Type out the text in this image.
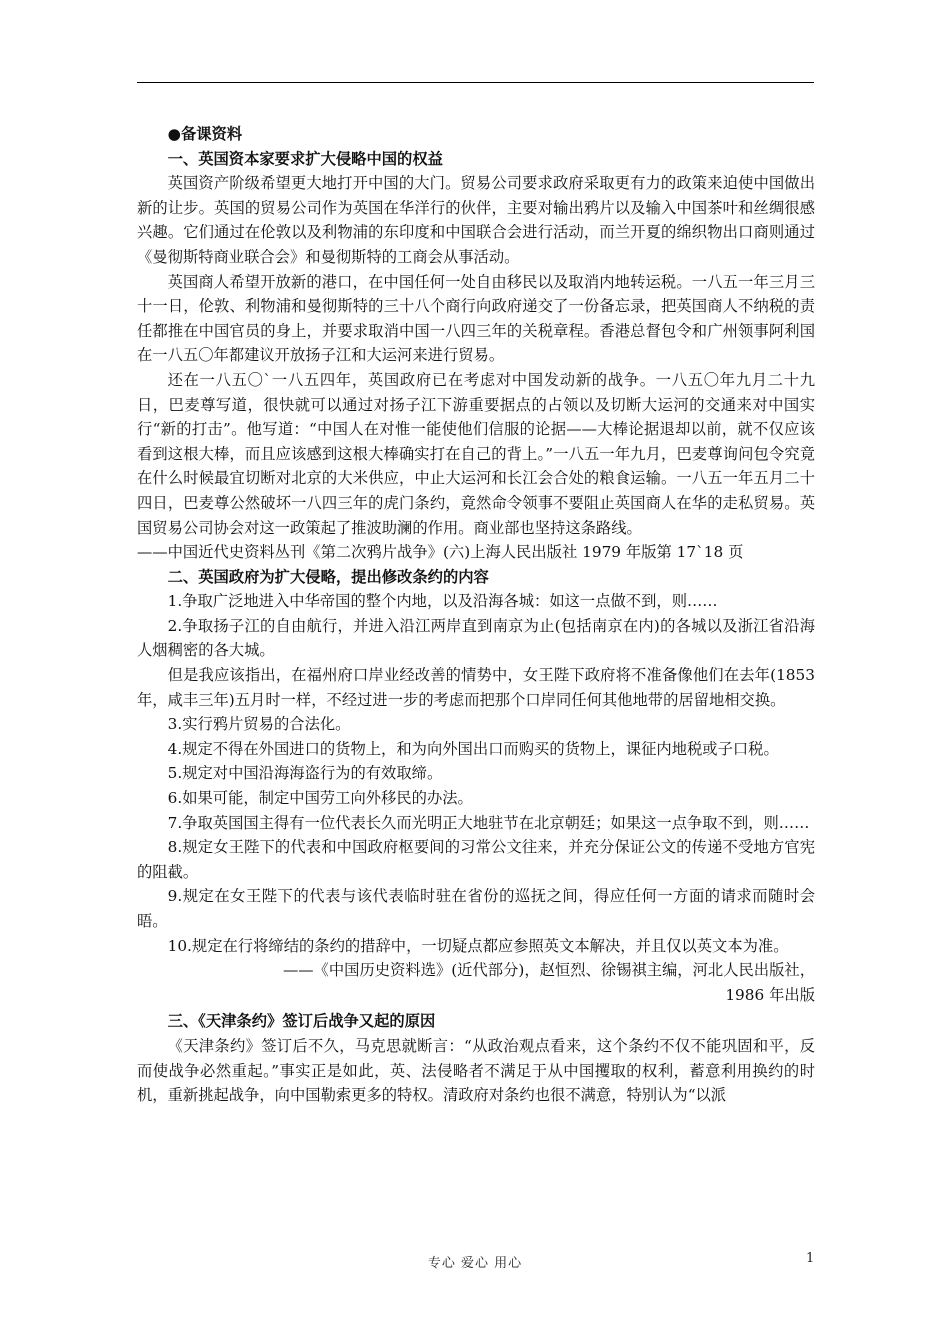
●备课资料

一、英国资本家要求扩大侵略中国的权益

英国资产阶级希望更大地打开中国的大门。贸易公司要求政府采取更有力的政策来迫使中国做出新的让步。英国的贸易公司作为英国在华洋行的伙伴，主要对输出鸦片以及输入中国茶叶和丝绸很感兴趣。它们通过在伦敦以及利物浦的东印度和中国联合会进行活动，而兰开夏的绵织物出口商则通过《曼彻斯特商业联合会》和曼彻斯特的工商会从事活动。

英国商人希望开放新的港口，在中国任何一处自由移民以及取消内地转运税。一八五一年三月三十一日，伦敦、利物浦和曼彻斯特的三十八个商行向政府递交了一份备忘录，把英国商人不纳税的责任都推在中国官员的身上，并要求取消中国一八四三年的关税章程。香港总督包令和广州领事阿利国在一八五〇年都建议开放扬子江和大运河来进行贸易。

还在一八五〇`一八五四年，英国政府已在考虑对中国发动新的战争。一八五〇年九月二十九日，巴麦尊写道，很快就可以通过对扬子江下游重要据点的占领以及切断大运河的交通来对中国实行“新的打击”。他写道：“中国人在对惟一能使他们信服的论据——大棒论据退却以前，就不仅应该看到这根大棒，而且应该感到这根大棒确实打在自己的背上。”一八五一年九月，巴麦尊询问包令究竟在什么时候最宜切断对北京的大米供应，中止大运河和长江会合处的粮食运输。一八五一年五月二十四日，巴麦尊公然破坏一八四三年的虎门条约，竟然命令领事不要阻止英国商人在华的走私贸易。英国贸易公司协会对这一政策起了推波助澜的作用。商业部也坚持这条路线。

——中国近代史资料丛刊《第二次鸦片战争》(六)上海人民出版社 1979 年版第 17`18 页

二、英国政府为扩大侵略，提出修改条约的内容

1.争取广泛地进入中华帝国的整个内地，以及沿海各城：如这一点做不到，则……

2.争取扬子江的自由航行，并进入沿江两岸直到南京为止(包括南京在内)的各城以及浙江省沿海人烟稠密的各大城。

但是我应该指出，在福州府口岸业经改善的情势中，女王陛下政府将不准备像他们在去年(1853 年，咸丰三年)五月时一样，不经过进一步的考虑而把那个口岸同任何其他地带的居留地相交换。

3.实行鸦片贸易的合法化。

4.规定不得在外国进口的货物上，和为向外国出口而购买的货物上，课征内地税或子口税。

5.规定对中国沿海海盗行为的有效取缔。

6.如果可能，制定中国劳工向外移民的办法。

7.争取英国国主得有一位代表长久而光明正大地驻节在北京朝廷；如果这一点争取不到，则……

8.规定女王陛下的代表和中国政府枢要间的习常公文往来，并充分保证公文的传递不受地方官宪的阻截。

9.规定在女王陛下的代表与该代表临时驻在省份的巡抚之间，得应任何一方面的请求而随时会晤。

10.规定在行将缔结的条约的措辞中，一切疑点都应参照英文本解决，并且仅以英文本为准。

——《中国历史资料选》(近代部分)，赵恒烈、徐锡祺主编，河北人民出版社，1986 年出版

三、《天津条约》签订后战争又起的原因

《天津条约》签订后不久，马克思就断言：“从政治观点看来，这个条约不仅不能巩固和平，反而使战争必然重起。”事实正是如此，英、法侵略者不满足于从中国攫取的权利，蓄意利用换约的时机，重新挑起战争，向中国勒索更多的特权。清政府对条约也很不满意，特别认为“以派

专心 爱心 用心	1
